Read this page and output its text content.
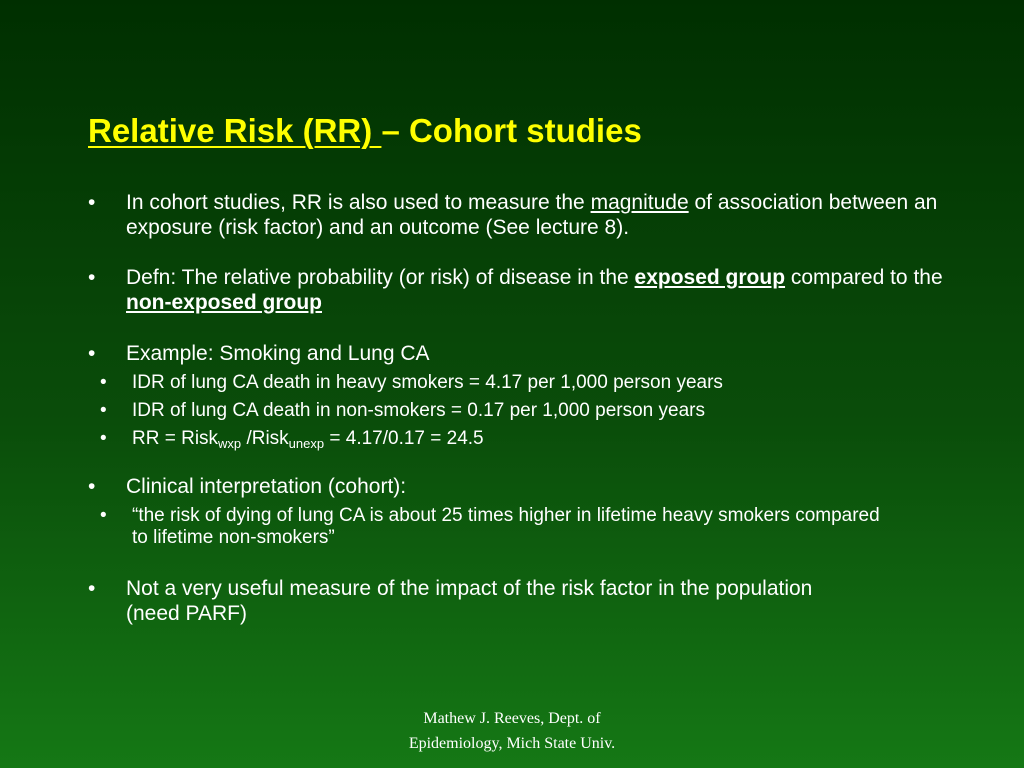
Relative Risk (RR) – Cohort studies
• In cohort studies, RR is also used to measure the magnitude of association between an exposure (risk factor) and an outcome (See lecture 8).
• Defn: The relative probability (or risk) of disease in the exposed group compared to the non-exposed group
• Example: Smoking and Lung CA
• IDR of lung CA death in heavy smokers = 4.17 per 1,000 person years
• IDR of lung CA death in non-smokers = 0.17 per 1,000 person years
• RR = Risk$_{wxp}$ /Risk$_{unexp}$ = 4.17/0.17 = 24.5
• Clinical interpretation (cohort):
• “the risk of dying of lung CA is about 25 times higher in lifetime heavy smokers compared to lifetime non-smokers”
• Not a very useful measure of the impact of the risk factor in the population (need PARF)
Mathew J. Reeves, Dept. of
Epidemiology, Mich State Univ.
